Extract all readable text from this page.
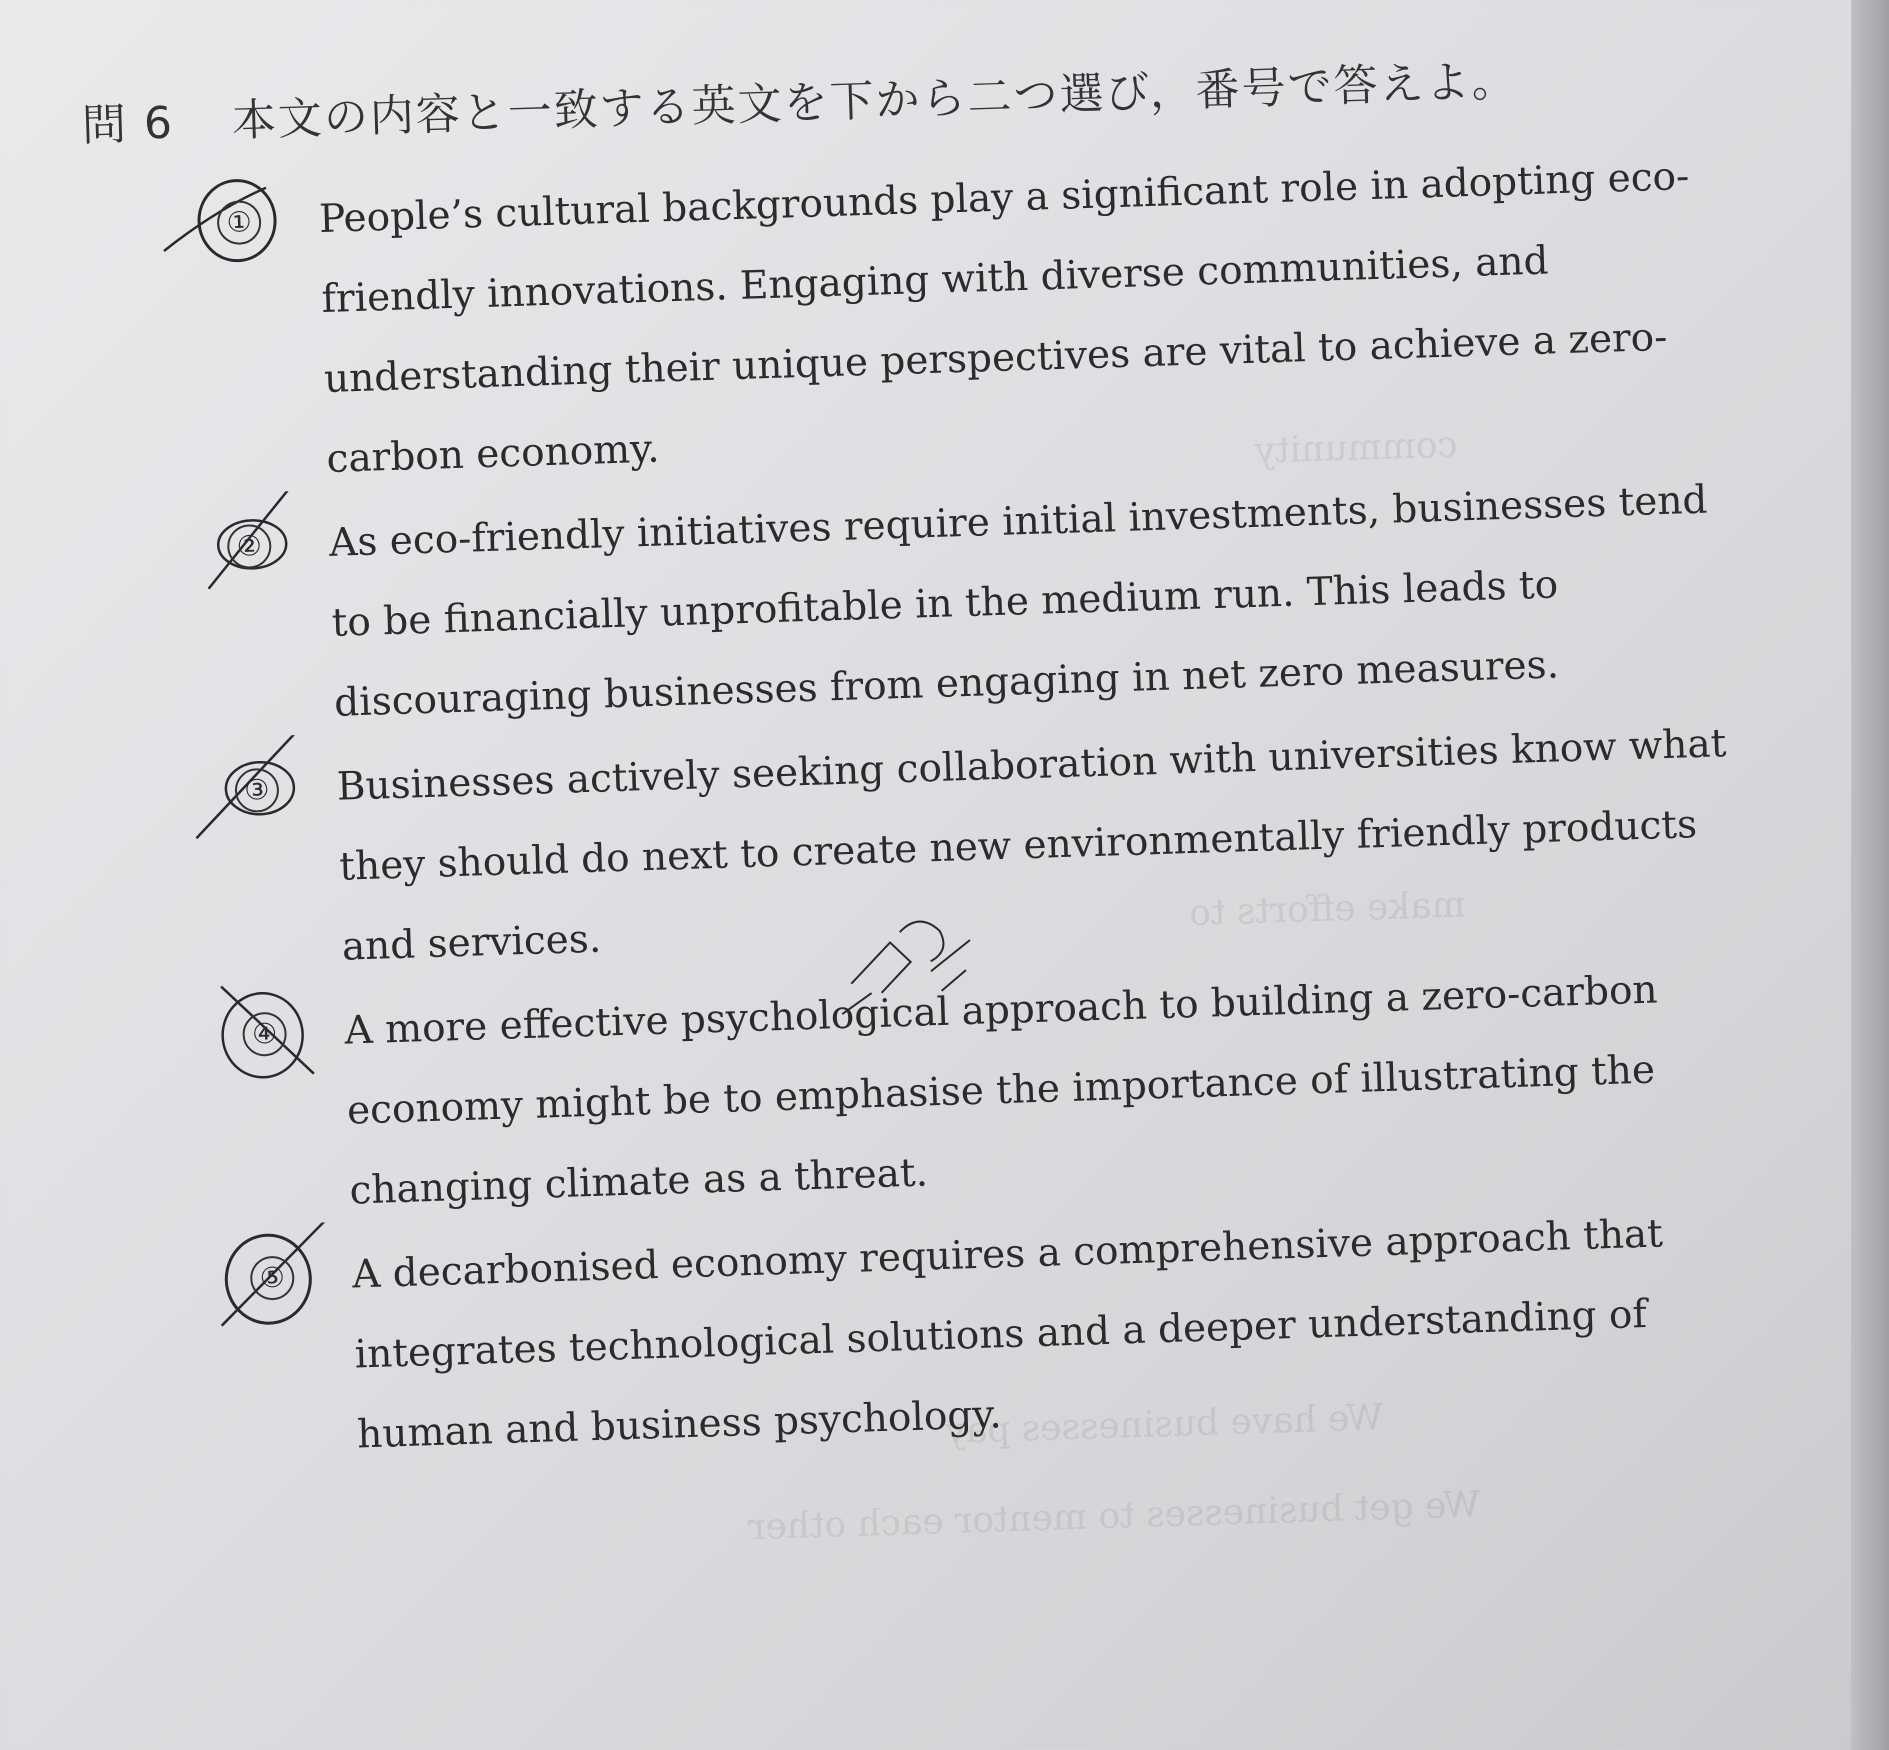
community
make efforts to
We have businesses pay
We get businesses to mentor each other
問 6 本文の内容と一致する英文を下から二つ選び，番号で答えよ。
① People’s cultural backgrounds play a significant role in adopting eco-friendly innovations. Engaging with diverse communities, and understanding their unique perspectives are vital to achieve a zero-carbon economy.
② As eco-friendly initiatives require initial investments, businesses tend to be financially unprofitable in the medium run. This leads to discouraging businesses from engaging in net zero measures.
③ Businesses actively seeking collaboration with universities know what they should do next to create new environmentally friendly products and services.
④ A more effective psychological approach to building a zero-carbon economy might be to emphasise the importance of illustrating the changing climate as a threat.
⑤ A decarbonised economy requires a comprehensive approach that integrates technological solutions and a deeper understanding of human and business psychology.
